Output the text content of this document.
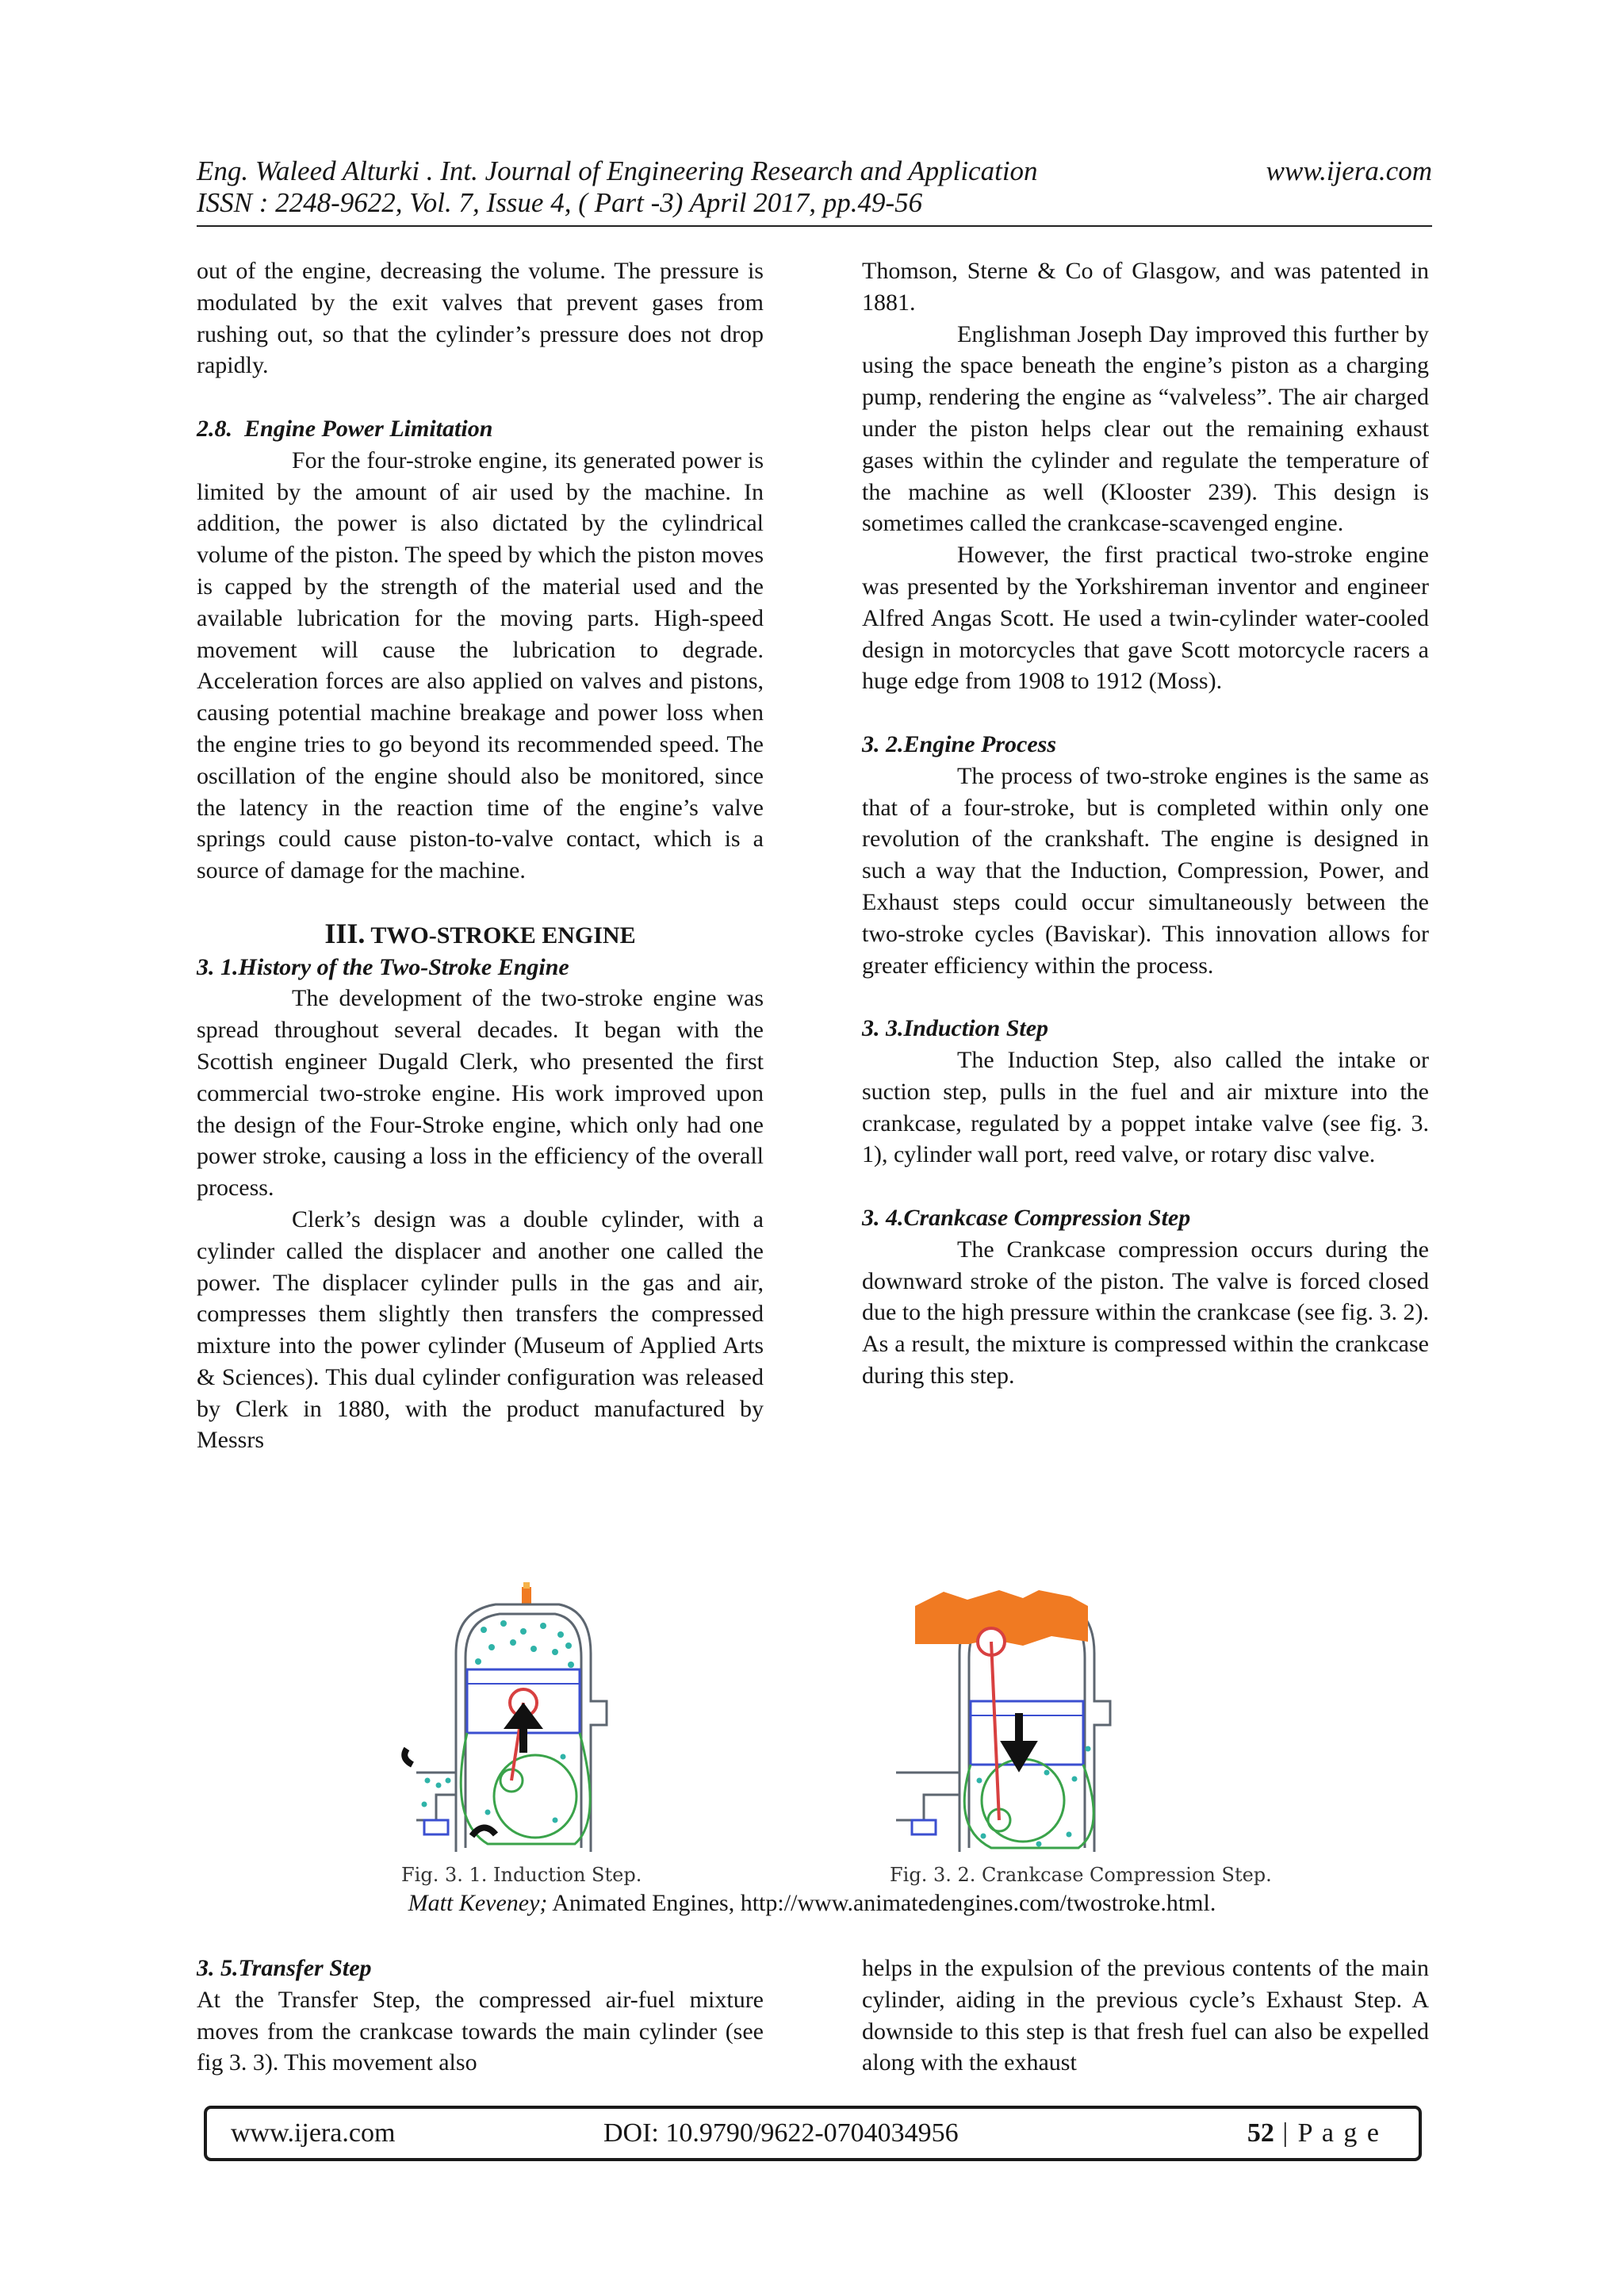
Eng. Waleed Alturki . Int. Journal of Engineering Research and Application	www.ijera.com
ISSN : 2248-9622, Vol. 7, Issue 4, ( Part -3) April 2017, pp.49-56

out of the engine, decreasing the volume. The pressure is modulated by the exit valves that prevent gases from rushing out, so that the cylinder’s pressure does not drop rapidly.

2.8. Engine Power Limitation

For the four-stroke engine, its generated power is limited by the amount of air used by the machine. In addition, the power is also dictated by the cylindrical volume of the piston. The speed by which the piston moves is capped by the strength of the material used and the available lubrication for the moving parts. High-speed movement will cause the lubrication to degrade. Acceleration forces are also applied on valves and pistons, causing potential machine breakage and power loss when the engine tries to go beyond its recommended speed. The oscillation of the engine should also be monitored, since the latency in the reaction time of the engine’s valve springs could cause piston-to-valve contact, which is a source of damage for the machine.

III. TWO-STROKE ENGINE

3. 1.History of the Two-Stroke Engine

The development of the two-stroke engine was spread throughout several decades. It began with the Scottish engineer Dugald Clerk, who presented the first commercial two-stroke engine. His work improved upon the design of the Four-Stroke engine, which only had one power stroke, causing a loss in the efficiency of the overall process.

Clerk’s design was a double cylinder, with a cylinder called the displacer and another one called the power. The displacer cylinder pulls in the gas and air, compresses them slightly then transfers the compressed mixture into the power cylinder (Museum of Applied Arts & Sciences). This dual cylinder configuration was released by Clerk in 1880, with the product manufactured by Messrs

Thomson, Sterne & Co of Glasgow, and was patented in 1881.

Englishman Joseph Day improved this further by using the space beneath the engine’s piston as a charging pump, rendering the engine as “valveless”. The air charged under the piston helps clear out the remaining exhaust gases within the cylinder and regulate the temperature of the machine as well (Klooster 239). This design is sometimes called the crankcase-scavenged engine.

However, the first practical two-stroke engine was presented by the Yorkshireman inventor and engineer Alfred Angas Scott. He used a twin-cylinder water-cooled design in motorcycles that gave Scott motorcycle racers a huge edge from 1908 to 1912 (Moss).

3. 2.Engine Process

The process of two-stroke engines is the same as that of a four-stroke, but is completed within only one revolution of the crankshaft. The engine is designed in such a way that the Induction, Compression, Power, and Exhaust steps could occur simultaneously between the two-stroke cycles (Baviskar). This innovation allows for greater efficiency within the process.

3. 3.Induction Step

The Induction Step, also called the intake or suction step, pulls in the fuel and air mixture into the crankcase, regulated by a poppet intake valve (see fig. 3. 1), cylinder wall port, reed valve, or rotary disc valve.

3. 4.Crankcase Compression Step

The Crankcase compression occurs during the downward stroke of the piston. The valve is forced closed due to the high pressure within the crankcase (see fig. 3. 2). As a result, the mixture is compressed within the crankcase during this step.

Fig. 3. 1. Induction Step.	Fig. 3. 2. Crankcase Compression Step.
Matt Keveney; Animated Engines, http://www.animatedengines.com/twostroke.html.

3. 5.Transfer Step

At the Transfer Step, the compressed air-fuel mixture moves from the crankcase towards the main cylinder (see fig 3. 3). This movement also

helps in the expulsion of the previous contents of the main cylinder, aiding in the previous cycle’s Exhaust Step. A downside to this step is that fresh fuel can also be expelled along with the exhaust

www.ijera.com	DOI: 10.9790/9622-0704034956	52 | P a g e
